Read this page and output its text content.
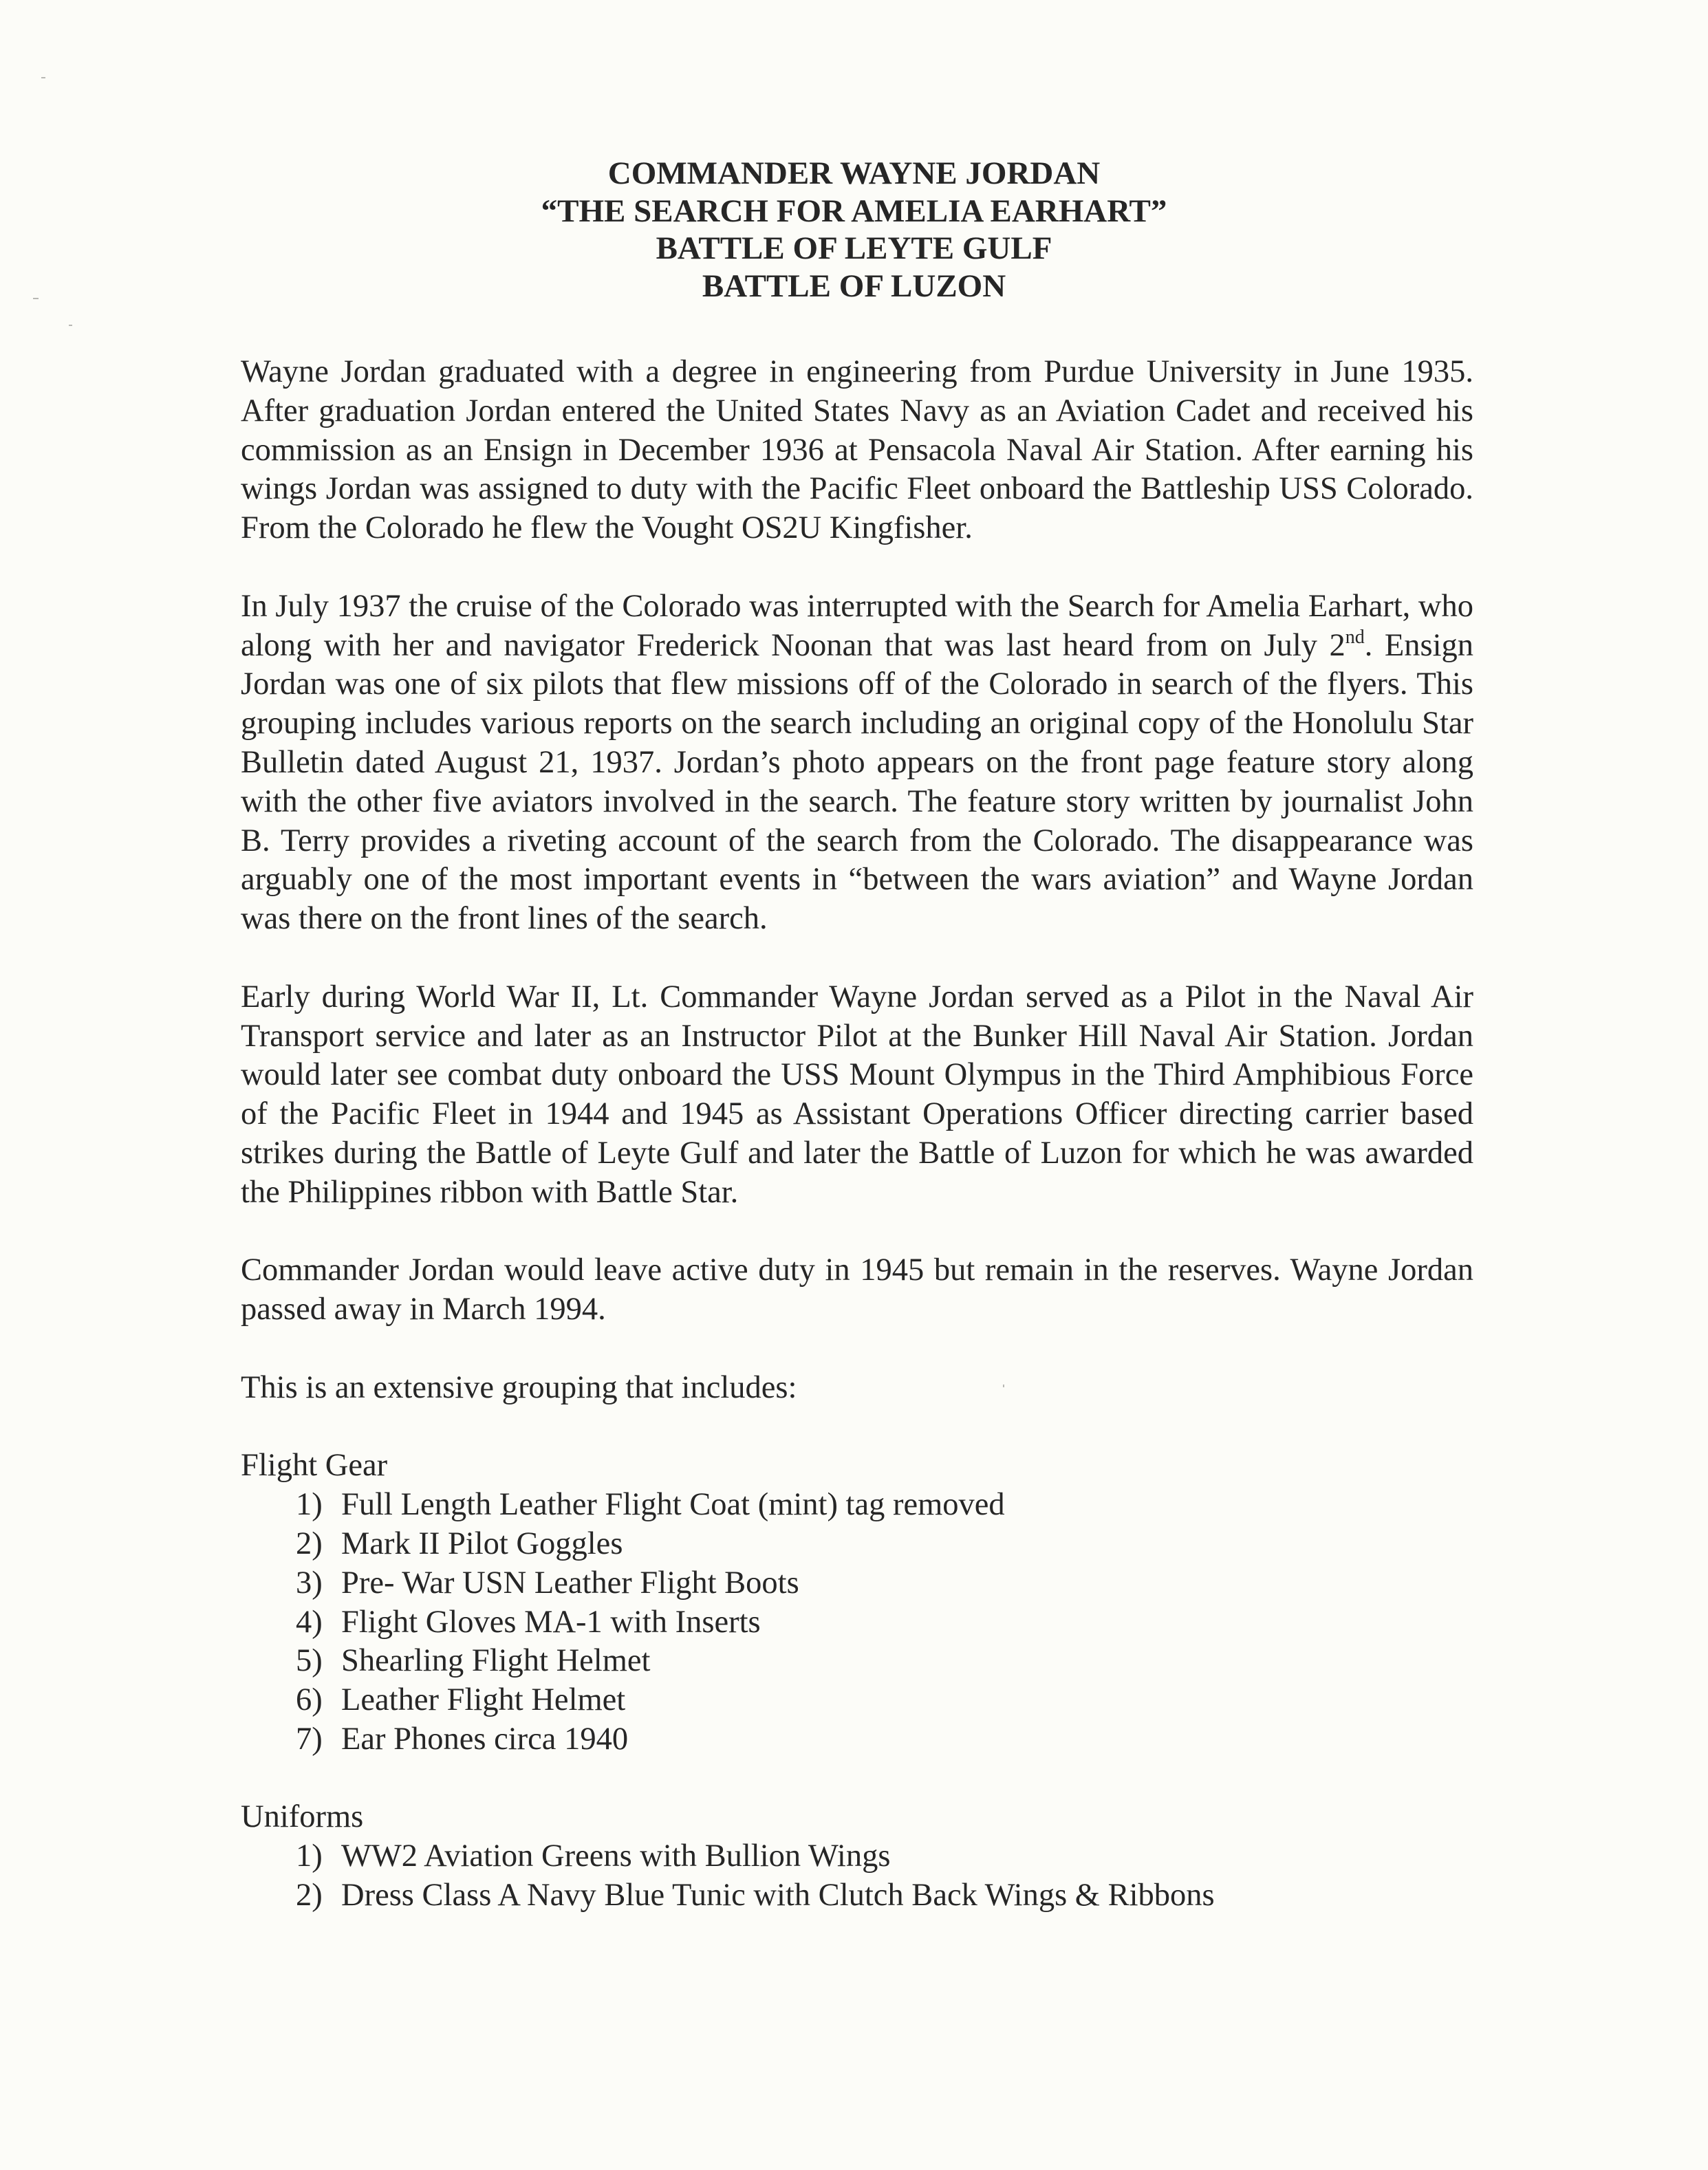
COMMANDER WAYNE JORDAN
“THE SEARCH FOR AMELIA EARHART”
BATTLE OF LEYTE GULF
BATTLE OF LUZON

Wayne Jordan graduated with a degree in engineering from Purdue University in June 1935. After graduation Jordan entered the United States Navy as an Aviation Cadet and received his commission as an Ensign in December 1936 at Pensacola Naval Air Station. After earning his wings Jordan was assigned to duty with the Pacific Fleet onboard the Battleship USS Colorado. From the Colorado he flew the Vought OS2U Kingfisher.

In July 1937 the cruise of the Colorado was interrupted with the Search for Amelia Earhart, who along with her and navigator Frederick Noonan that was last heard from on July 2nd. Ensign Jordan was one of six pilots that flew missions off of the Colorado in search of the flyers. This grouping includes various reports on the search including an original copy of the Honolulu Star Bulletin dated August 21, 1937. Jordan’s photo appears on the front page feature story along with the other five aviators involved in the search. The feature story written by journalist John B. Terry provides a riveting account of the search from the Colorado. The disappearance was arguably one of the most important events in “between the wars aviation” and Wayne Jordan was there on the front lines of the search.

Early during World War II, Lt. Commander Wayne Jordan served as a Pilot in the Naval Air Transport service and later as an Instructor Pilot at the Bunker Hill Naval Air Station. Jordan would later see combat duty onboard the USS Mount Olympus in the Third Amphibious Force of the Pacific Fleet in 1944 and 1945 as Assistant Operations Officer directing carrier based strikes during the Battle of Leyte Gulf and later the Battle of Luzon for which he was awarded the Philippines ribbon with Battle Star.

Commander Jordan would leave active duty in 1945 but remain in the reserves. Wayne Jordan passed away in March 1994.

This is an extensive grouping that includes:

Flight Gear

1) Full Length Leather Flight Coat (mint) tag removed
2) Mark II Pilot Goggles
3) Pre- War USN Leather Flight Boots
4) Flight Gloves MA-1 with Inserts
5) Shearling Flight Helmet
6) Leather Flight Helmet
7) Ear Phones circa 1940

Uniforms

1) WW2 Aviation Greens with Bullion Wings
2) Dress Class A Navy Blue Tunic with Clutch Back Wings & Ribbons
